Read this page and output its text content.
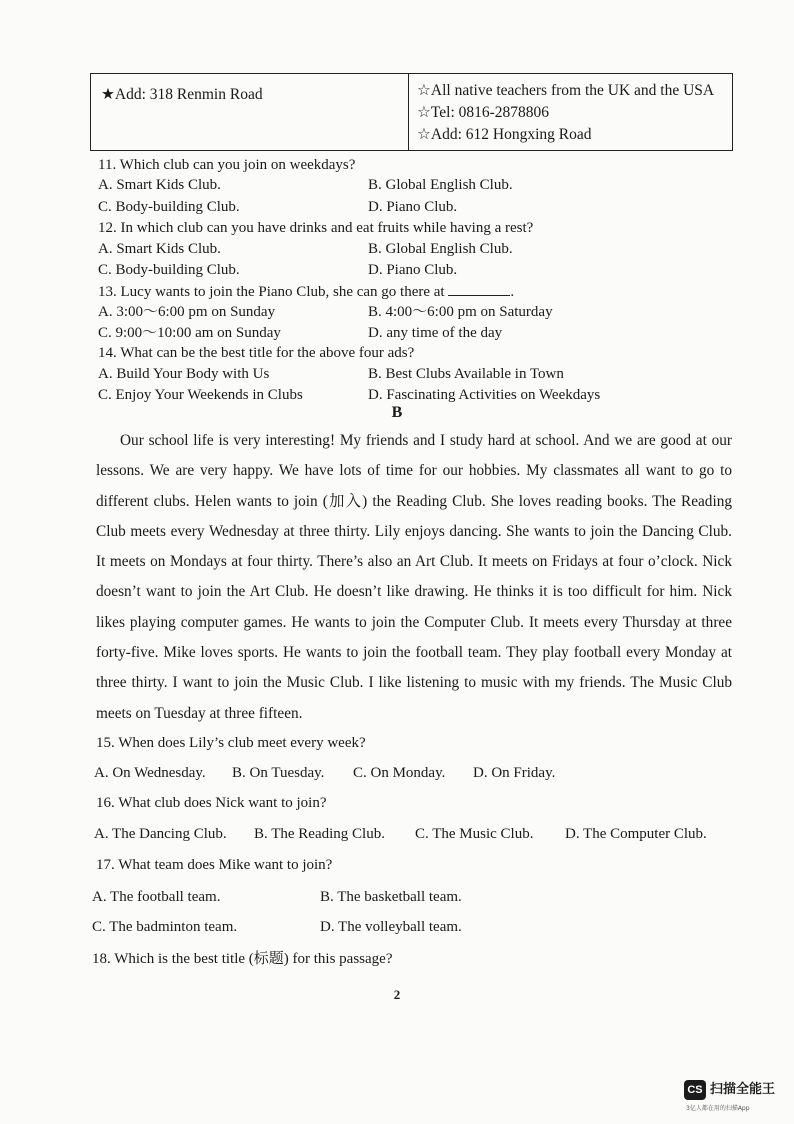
★Add: 318 Renmin Road	☆All native teachers from the UK and the USA
☆Tel: 0816-2878806
☆Add: 612 Hongxing Road
11. Which club can you join on weekdays?
A. Smart Kids Club.	B. Global English Club.
C. Body-building Club.	D. Piano Club.
12. In which club can you have drinks and eat fruits while having a rest?
A. Smart Kids Club.	B. Global English Club.
C. Body-building Club.	D. Piano Club.
13. Lucy wants to join the Piano Club, she can go there at	.
A. 3:00～6:00 pm on Sunday	B. 4:00～6:00 pm on Saturday
C. 9:00～10:00 am on Sunday	D. any time of the day
14. What can be the best title for the above four ads?
A. Build Your Body with Us	B. Best Clubs Available in Town
C. Enjoy Your Weekends in Clubs	D. Fascinating Activities on Weekdays
B

Our school life is very interesting! My friends and I study hard at school. And we are good at our lessons. We are very happy. We have lots of time for our hobbies. My classmates all want to go to different clubs. Helen wants to join (加入) the Reading Club. She loves reading books. The Reading Club meets every Wednesday at three thirty. Lily enjoys dancing. She wants to join the Dancing Club. It meets on Mondays at four thirty. There’s also an Art Club. It meets on Fridays at four o’clock. Nick doesn’t want to join the Art Club. He doesn’t like drawing. He thinks it is too difficult for him. Nick likes playing computer games. He wants to join the Computer Club. It meets every Thursday at three forty-five. Mike loves sports. He wants to join the football team. They play football every Monday at three thirty. I want to join the Music Club. I like listening to music with my friends. The Music Club meets on Tuesday at three fifteen.

15. When does Lily’s club meet every week?
A. On Wednesday. B. On Tuesday. C. On Monday. D. On Friday.
16. What club does Nick want to join?
A. The Dancing Club. B. The Reading Club. C. The Music Club. D. The Computer Club.
17. What team does Mike want to join?
A. The football team.	B. The basketball team.
C. The badminton team.	D. The volleyball team.
18. Which is the best title (标题) for this passage?
2
CS 扫描全能王
3亿人都在用的扫描App
